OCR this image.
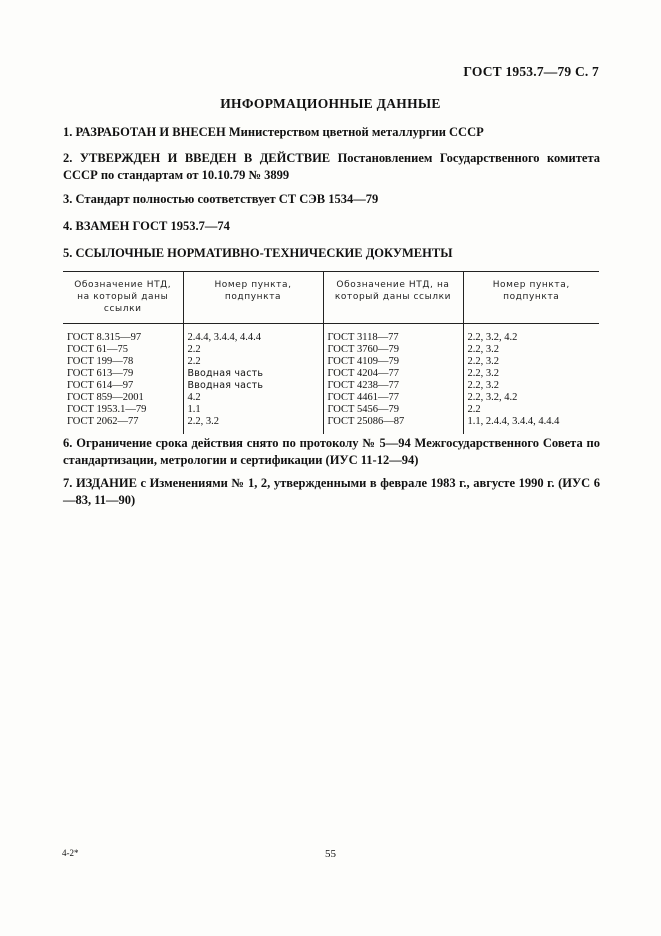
ГОСТ 1953.7—79 С. 7
ИНФОРМАЦИОННЫЕ ДАННЫЕ
1. РАЗРАБОТАН И ВНЕСЕН Министерством цветной металлургии СССР
2. УТВЕРЖДЕН И ВВЕДЕН В ДЕЙСТВИЕ Постановлением Государственного комитета СССР по стандартам от 10.10.79 № 3899
3. Стандарт полностью соответствует СТ СЭВ 1534—79
4. ВЗАМЕН ГОСТ 1953.7—74
5. ССЫЛОЧНЫЕ НОРМАТИВНО-ТЕХНИЧЕСКИЕ ДОКУМЕНТЫ
Обозначение НТД, на который даны ссылки	Номер пункта, подпункта	Обозначение НТД, на который даны ссылки	Номер пункта, подпункта
ГОСТ 8.315—97	2.4.4, 3.4.4, 4.4.4	ГОСТ 3118—77	2.2, 3.2, 4.2
ГОСТ 61—75	2.2	ГОСТ 3760—79	2.2, 3.2
ГОСТ 199—78	2.2	ГОСТ 4109—79	2.2, 3.2
ГОСТ 613—79	Вводная часть	ГОСТ 4204—77	2.2, 3.2
ГОСТ 614—97	Вводная часть	ГОСТ 4238—77	2.2, 3.2
ГОСТ 859—2001	4.2	ГОСТ 4461—77	2.2, 3.2, 4.2
ГОСТ 1953.1—79	1.1	ГОСТ 5456—79	2.2
ГОСТ 2062—77	2.2, 3.2	ГОСТ 25086—87	1.1, 2.4.4, 3.4.4, 4.4.4
6. Ограничение срока действия снято по протоколу № 5—94 Межгосударственного Совета по стандартизации, метрологии и сертификации (ИУС 11-12—94)
7. ИЗДАНИЕ с Изменениями № 1, 2, утвержденными в феврале 1983 г., августе 1990 г. (ИУС 6—83, 11—90)
4-2*	55
